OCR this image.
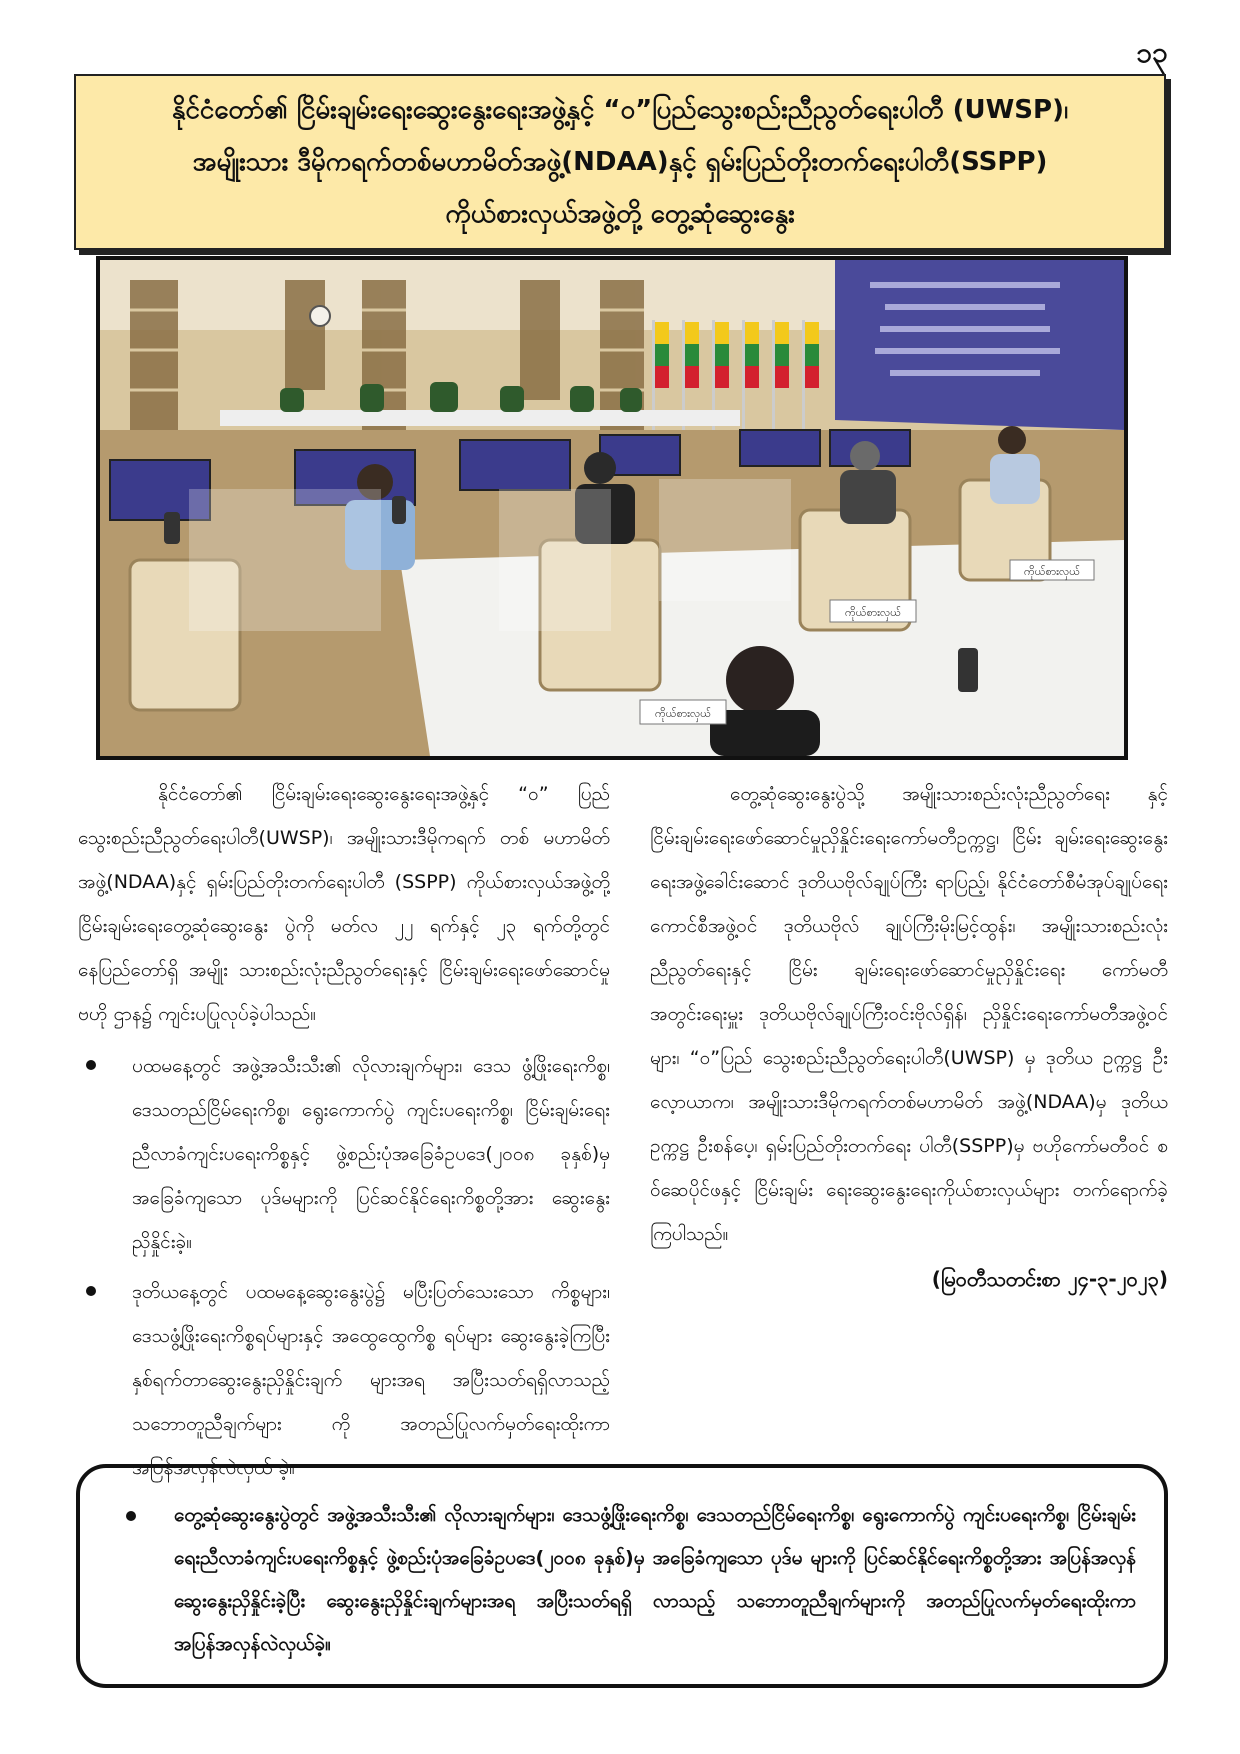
၁၃
နိုင်ငံတော်၏ ငြိမ်းချမ်းရေးဆွေးနွေးရေးအဖွဲ့နှင့် “ဝ”ပြည်သွေးစည်းညီညွတ်ရေးပါတီ (UWSP)၊
အမျိုးသား ဒီမိုကရက်တစ်မဟာမိတ်အဖွဲ့(NDAA)နှင့် ရှမ်းပြည်တိုးတက်ရေးပါတီ(SSPP)
ကိုယ်စားလှယ်အဖွဲ့တို့ တွေ့ဆုံဆွေးနွေး
ကိုယ်စားလှယ်
ကိုယ်စားလှယ်
ကိုယ်စားလှယ်

နိုင်ငံတော်၏ ငြိမ်းချမ်းရေးဆွေးနွေးရေးအဖွဲ့နှင့် “ဝ” ပြည် သွေးစည်းညီညွတ်ရေးပါတီ(UWSP)၊ အမျိုးသားဒီမိုကရက် တစ် မဟာမိတ်အဖွဲ့(NDAA)နှင့် ရှမ်းပြည်တိုးတက်ရေးပါတီ (SSPP) ကိုယ်စားလှယ်အဖွဲ့တို့ ငြိမ်းချမ်းရေးတွေ့ဆုံဆွေးနွေး ပွဲကို မတ်လ ၂၂ ရက်နှင့် ၂၃ ရက်တို့တွင် နေပြည်တော်ရှိ အမျိုး သားစည်းလုံးညီညွတ်ရေးနှင့် ငြိမ်းချမ်းရေးဖော်ဆောင်မှုဗဟို ဌာန၌ ကျင်းပပြုလုပ်ခဲ့ပါသည်။

ပထမနေ့တွင် အဖွဲ့အသီးသီး၏ လိုလားချက်များ၊ ဒေသ ဖွံ့ဖြိုးရေးကိစ္စ၊ ဒေသတည်ငြိမ်ရေးကိစ္စ၊ ရွေးကောက်ပွဲ ကျင်းပရေးကိစ္စ၊ ငြိမ်းချမ်းရေးညီလာခံကျင်းပရေးကိစ္စနှင့် ဖွဲ့စည်းပုံအခြေခံဥပဒေ(၂၀၀၈ ခုနှစ်)မှ အခြေခံကျသော ပုဒ်မများကို ပြင်ဆင်နိုင်ရေးကိစ္စတို့အား ဆွေးနွေးညှိနှိုင်းခဲ့။
ဒုတိယနေ့တွင် ပထမနေ့ဆွေးနွေးပွဲ၌ မပြီးပြတ်သေးသော ကိစ္စများ၊ ဒေသဖွံ့ဖြိုးရေးကိစ္စရပ်များနှင့် အထွေထွေကိစ္စ ရပ်များ ဆွေးနွေးခဲ့ကြပြီး နှစ်ရက်တာဆွေးနွေးညှိနှိုင်းချက် များအရ အပြီးသတ်ရရှိလာသည့် သဘောတူညီချက်များ ကို အတည်ပြုလက်မှတ်ရေးထိုးကာ အပြန်အလှန်လဲလှယ် ခဲ့။

တွေ့ဆုံဆွေးနွေးပွဲသို့ အမျိုးသားစည်းလုံးညီညွတ်ရေး နှင့် ငြိမ်းချမ်းရေးဖော်ဆောင်မှုညှိနှိုင်းရေးကော်မတီဥက္ကဋ္ဌ၊ ငြိမ်း ချမ်းရေးဆွေးနွေးရေးအဖွဲ့ခေါင်းဆောင် ဒုတိယဗိုလ်ချုပ်ကြီး ရာပြည့်၊ နိုင်ငံတော်စီမံအုပ်ချုပ်ရေးကောင်စီအဖွဲ့ဝင် ဒုတိယဗိုလ် ချုပ်ကြီးမိုးမြင့်ထွန်း၊ အမျိုးသားစည်းလုံးညီညွတ်ရေးနှင့် ငြိမ်း ချမ်းရေးဖော်ဆောင်မှုညှိနှိုင်းရေး ကော်မတီအတွင်းရေးမှူး ဒုတိယဗိုလ်ချုပ်ကြီးဝင်းဗိုလ်ရှိန်၊ ညှိနှိုင်းရေးကော်မတီအဖွဲ့ဝင် များ၊ “ဝ”ပြည် သွေးစည်းညီညွတ်ရေးပါတီ(UWSP) မှ ဒုတိယ ဥက္ကဋ္ဌ ဦးလေ့ာယာက၊ အမျိုးသားဒီမိုကရက်တစ်မဟာမိတ် အဖွဲ့(NDAA)မှ ဒုတိယဥက္ကဋ္ဌ ဦးစန်ပေ့၊ ရှမ်းပြည်တိုးတက်ရေး ပါတီ(SSPP)မှ ဗဟိုကော်မတီဝင် စဝ်ဆေပိုင်ဖနှင့် ငြိမ်းချမ်း ရေးဆွေးနွေးရေးကိုယ်စားလှယ်များ တက်ရောက်ခဲ့ကြပါသည်။

(မြဝတီသတင်းစာ ၂၄-၃-၂၀၂၃)
တွေ့ဆုံဆွေးနွေးပွဲတွင် အဖွဲ့အသီးသီး၏ လိုလားချက်များ၊ ဒေသဖွံ့ဖြိုးရေးကိစ္စ၊ ဒေသတည်ငြိမ်ရေးကိစ္စ၊ ရွေးကောက်ပွဲ ကျင်းပရေးကိစ္စ၊ ငြိမ်းချမ်းရေးညီလာခံကျင်းပရေးကိစ္စနှင့် ဖွဲ့စည်းပုံအခြေခံဥပဒေ(၂၀၀၈ ခုနှစ်)မှ အခြေခံကျသော ပုဒ်မ များကို ပြင်ဆင်နိုင်ရေးကိစ္စတို့အား အပြန်အလှန် ဆွေးနွေးညှိနှိုင်းခဲ့ပြီး ဆွေးနွေးညှိနှိုင်းချက်များအရ အပြီးသတ်ရရှိ လာသည့် သဘောတူညီချက်များကို အတည်ပြုလက်မှတ်ရေးထိုးကာ အပြန်အလှန်လဲလှယ်ခဲ့။
